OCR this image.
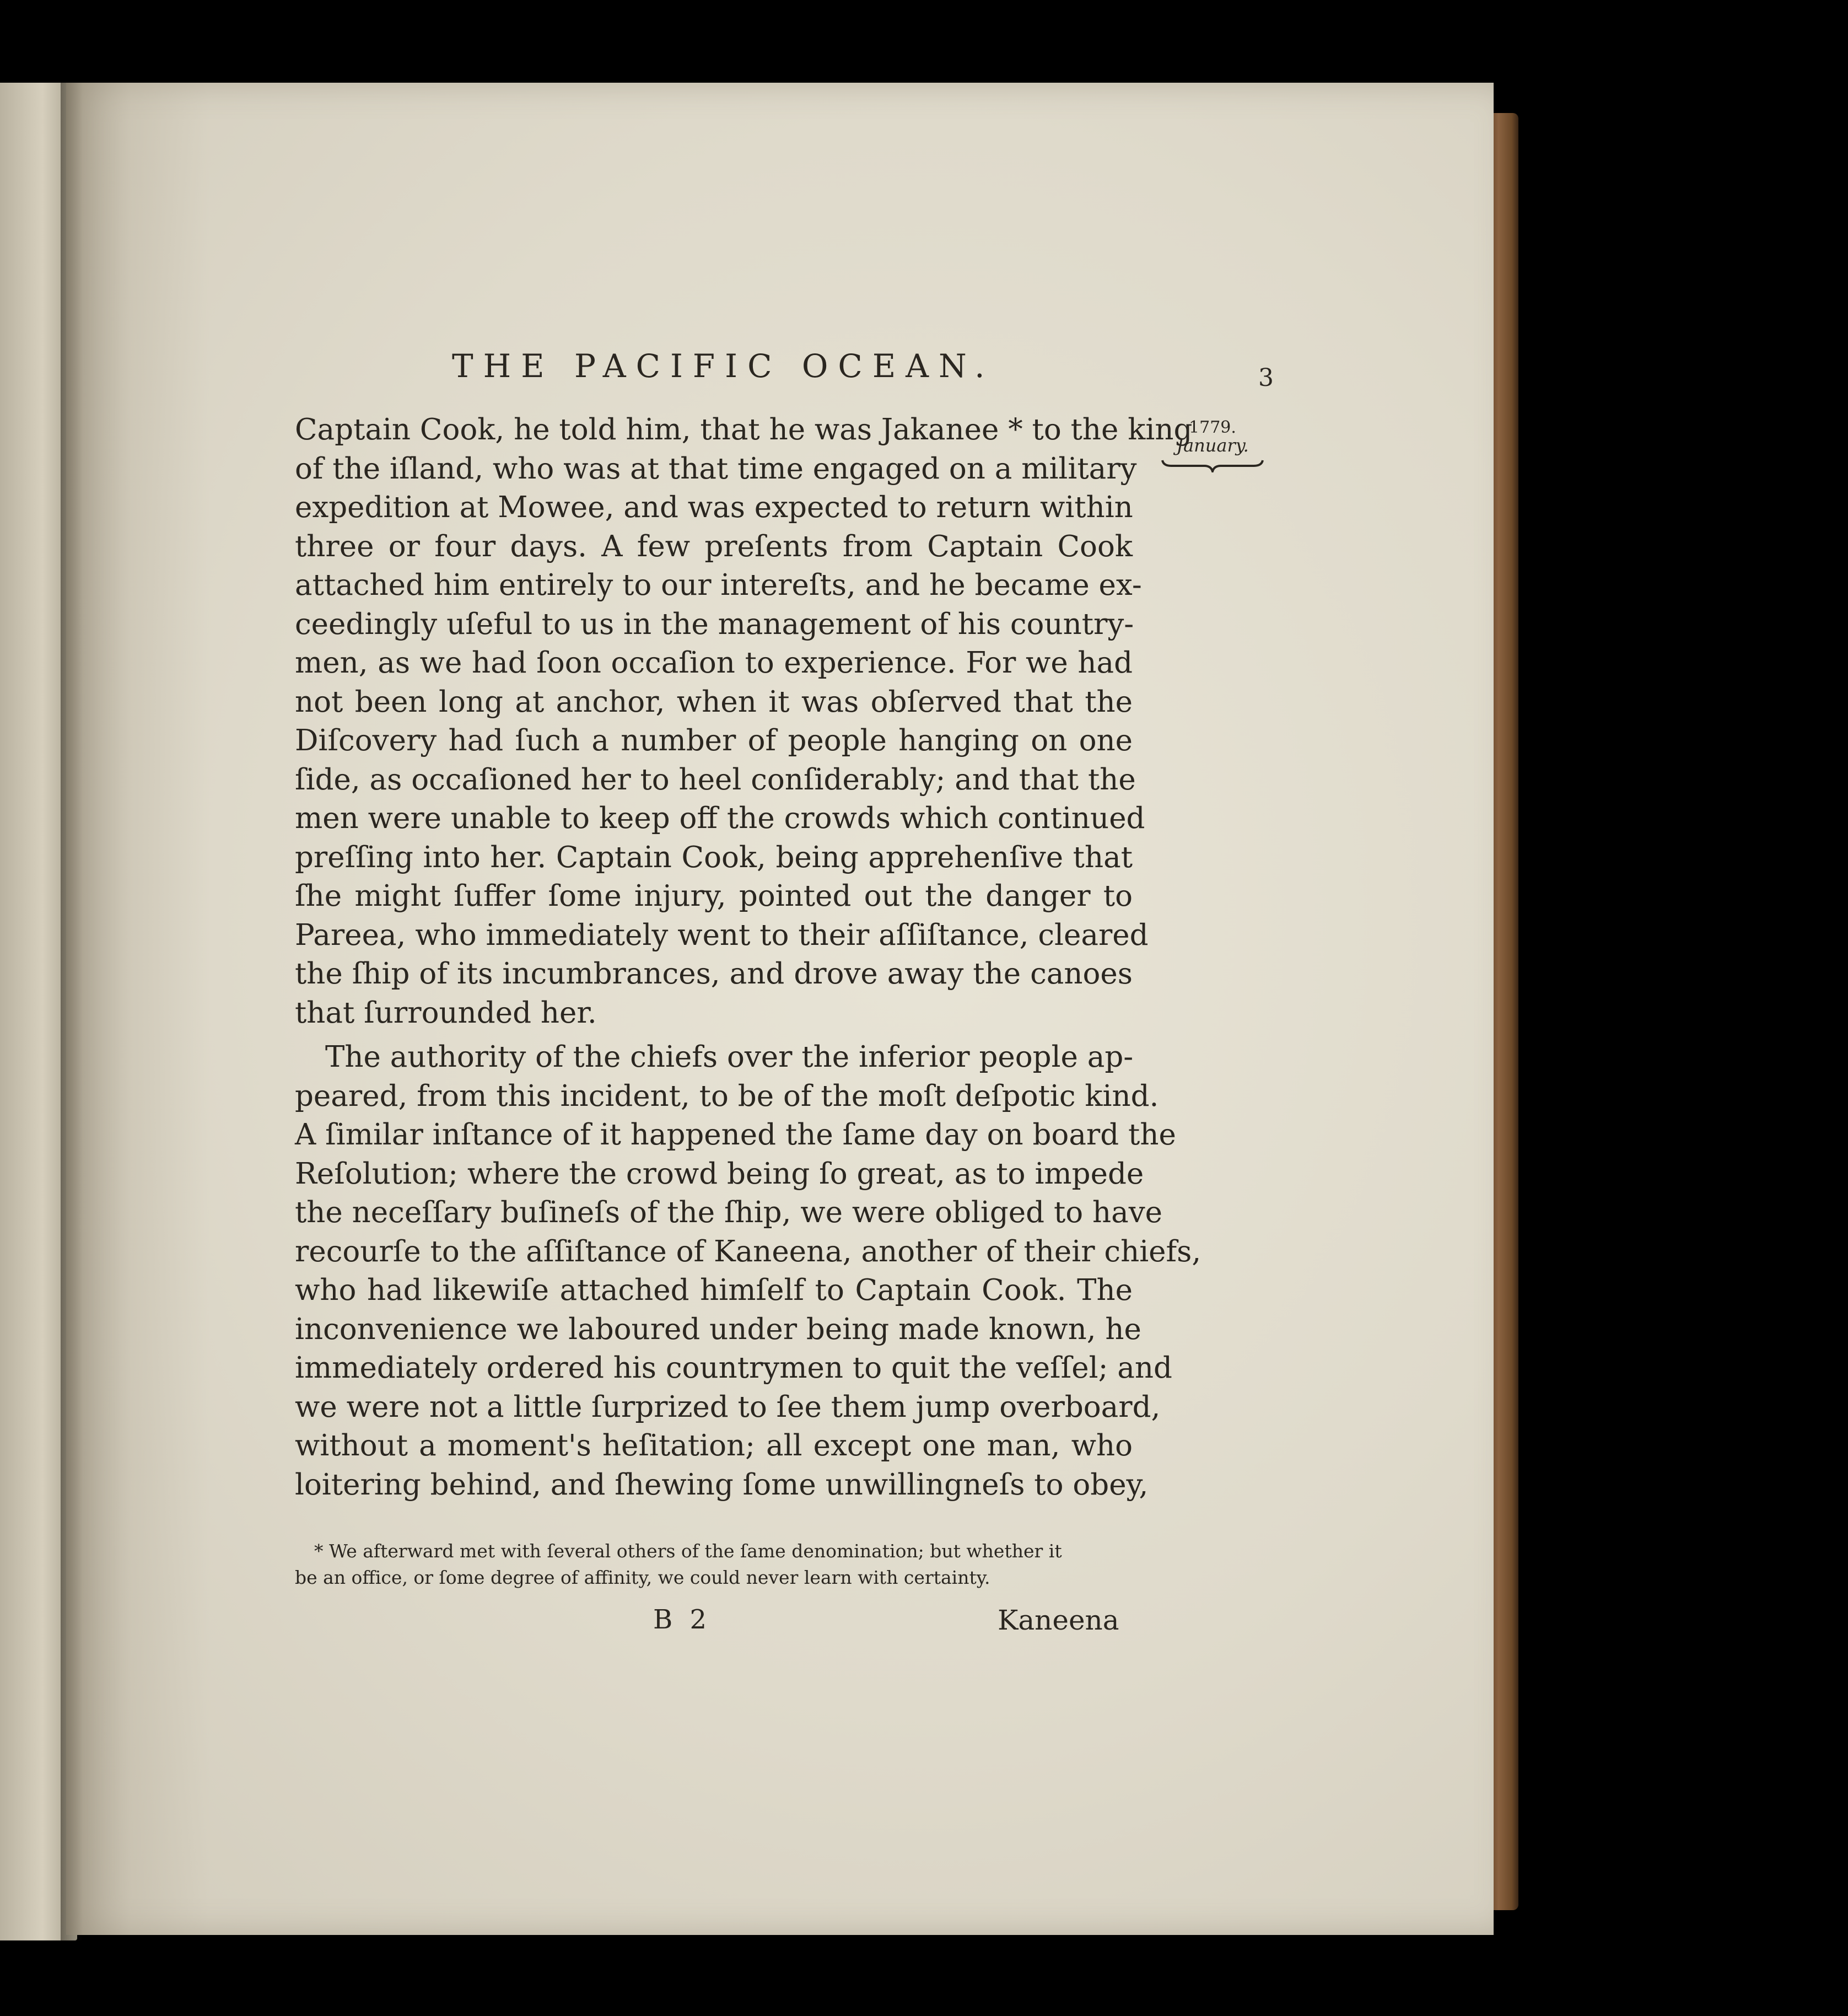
THE PACIFIC OCEAN.	3
1779.
January.

Captain Cook, he told him, that he was Jakanee * to the king
of the iſland, who was at that time engaged on a military
expedition at Mowee, and was expected to return within
three or four days. A few preſents from Captain Cook
attached him entirely to our intereſts, and he became ex-
ceedingly uſeful to us in the management of his country-
men, as we had ſoon occaſion to experience. For we had
not been long at anchor, when it was obſerved that the
Diſcovery had ſuch a number of people hanging on one
ſide, as occaſioned her to heel conſiderably; and that the
men were unable to keep off the crowds which continued
preſſing into her. Captain Cook, being apprehenſive that
ſhe might ſuffer ſome injury, pointed out the danger to
Pareea, who immediately went to their aſſiſtance, cleared
the ſhip of its incumbrances, and drove away the canoes
that ſurrounded her.

The authority of the chiefs over the inferior people ap-
peared, from this incident, to be of the moſt deſpotic kind.
A ſimilar inſtance of it happened the ſame day on board the
Reſolution; where the crowd being ſo great, as to impede
the neceſſary buſineſs of the ſhip, we were obliged to have
recourſe to the aſſiſtance of Kaneena, another of their chiefs,
who had likewiſe attached himſelf to Captain Cook. The
inconvenience we laboured under being made known, he
immediately ordered his countrymen to quit the veſſel; and
we were not a little ſurprized to ſee them jump overboard,
without a moment's heſitation; all except one man, who
loitering behind, and ſhewing ſome unwillingneſs to obey,

* We afterward met with ſeveral others of the ſame denomination; but whether it
be an office, or ſome degree of affinity, we could never learn with certainty.
B 2	Kaneena
